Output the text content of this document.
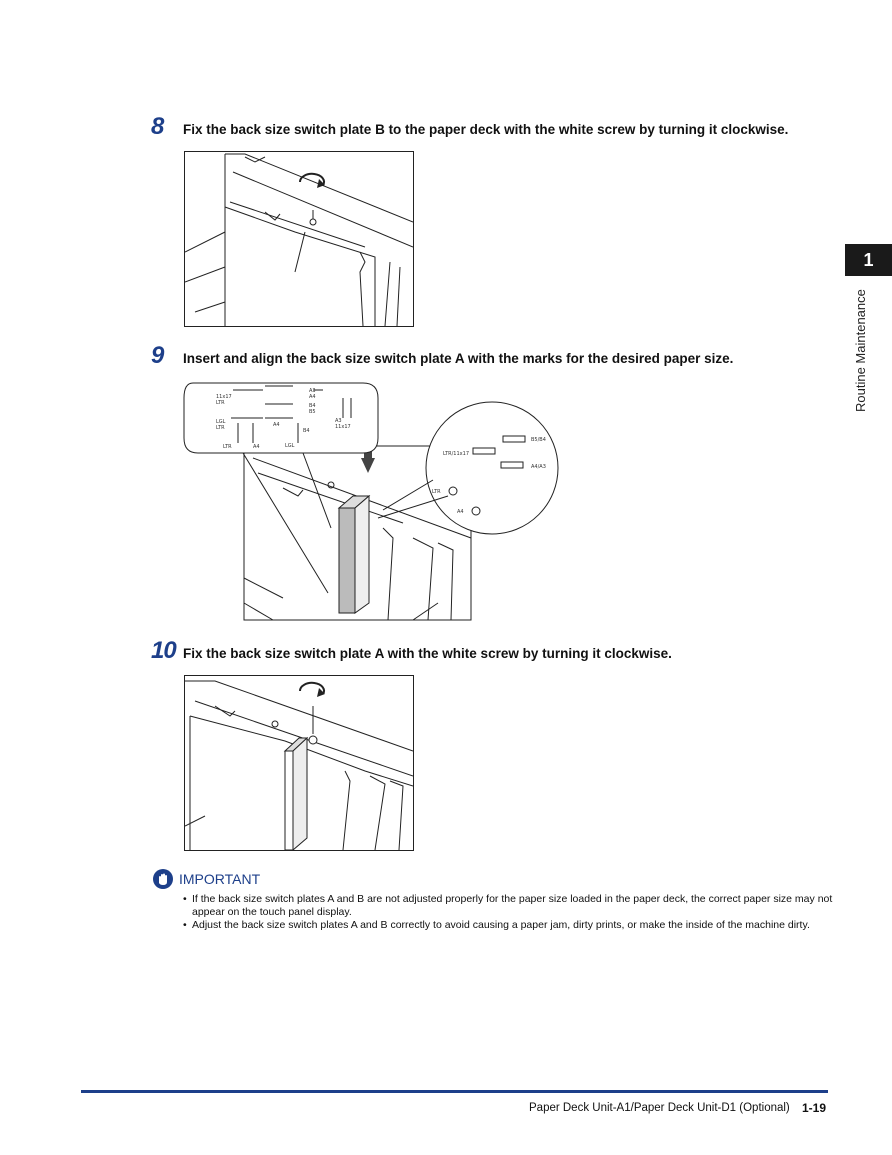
8 Fix the back size switch plate B to the paper deck with the white screw by turning it clockwise.
9 Insert and align the back size switch plate A with the marks for the desired paper size.
11x17
LTR
A3
A4
B4
B5
LGL
LTR	A4
A3
11x17
B4
LTR	A4	LGL
B5/B4
LTR/11x17
A4/A3
LTR
A4
10 Fix the back size switch plate A with the white screw by turning it clockwise.
1
Routine Maintenance
IMPORTANT
• If the back size switch plates A and B are not adjusted properly for the paper size loaded in the paper deck, the correct paper size may not appear on the touch panel display.
• Adjust the back size switch plates A and B correctly to avoid causing a paper jam, dirty prints, or make the inside of the machine dirty.
Paper Deck Unit-A1/Paper Deck Unit-D1 (Optional) 1-19
